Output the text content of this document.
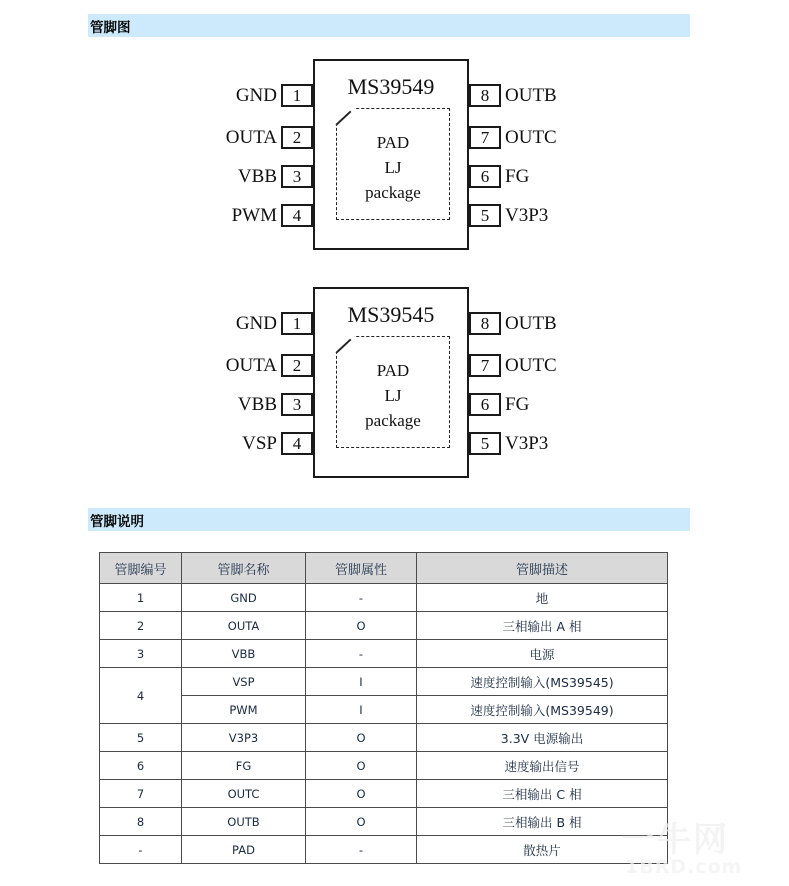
管脚图
MS39549
PAD
LJ
package
1
GND
2
OUTA
3
VBB
4
PWM
8 OUTB
7 OUTC
6 FG
5 V3P3
MS39545
PAD
LJ
package
1
GND
2
OUTA
3
VBB
4
VSP
8 OUTB
7 OUTC
6 FG
5 V3P3
管脚说明
管脚编号	管脚名称	管脚属性	管脚描述
1	GND	-	地
2	OUTA	O	三相输出 A 相
3	VBB	-	电源
4	VSP	I	速度控制输入(MS39545)
	PWM	I	速度控制输入(MS39549)
5	V3P3	O	3.3V 电源输出
6	FG	O	速度输出信号
7	OUTC	O	三相输出 C 相
8	OUTB	O	三相输出 B 相
-	PAD	-	散热片 一牛网
1BRD.com
